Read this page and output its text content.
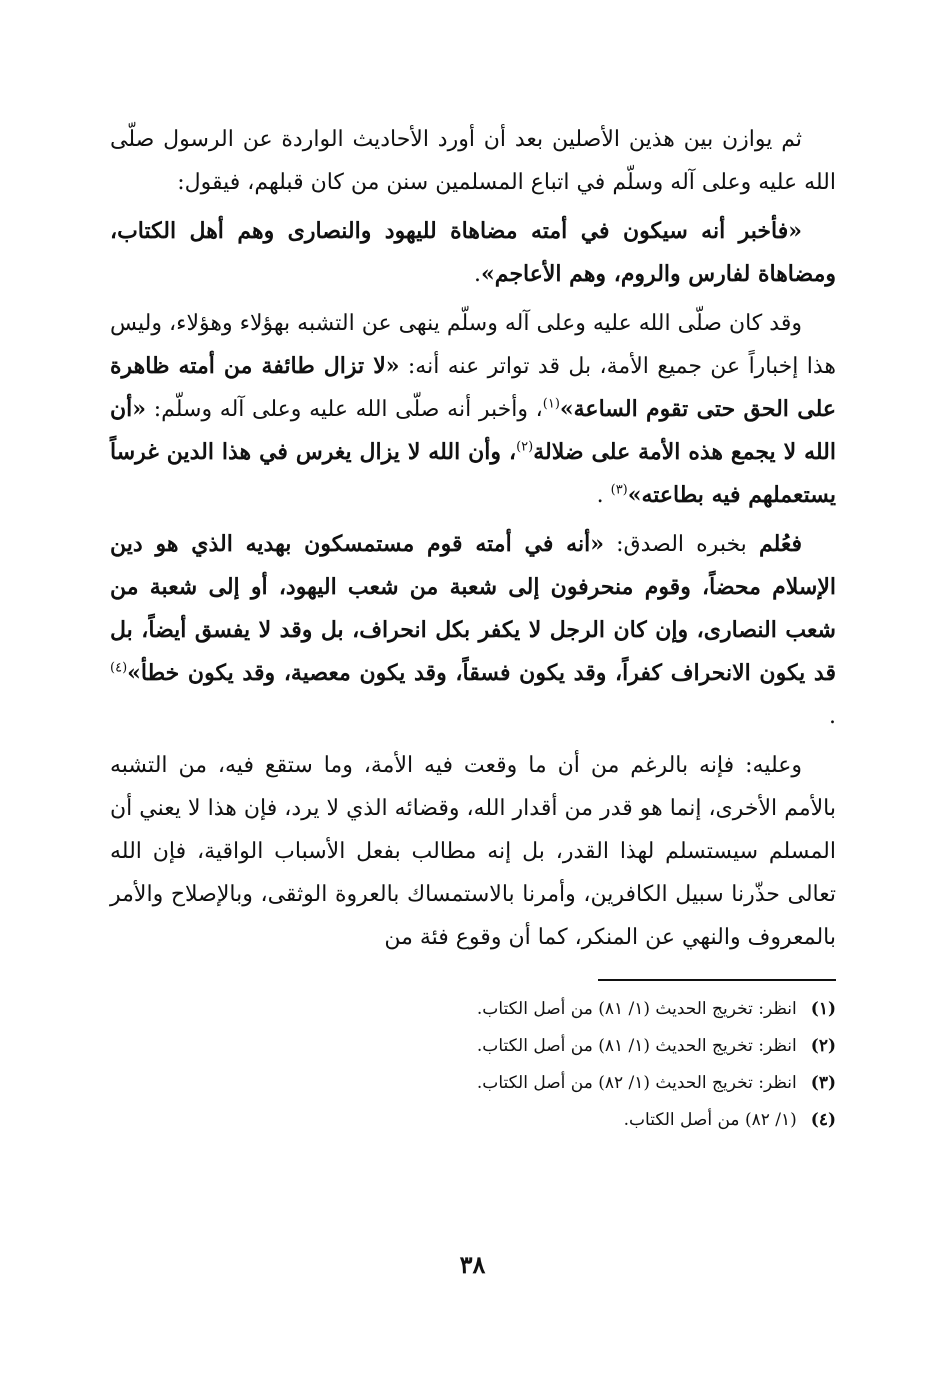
ثم يوازن بين هذين الأصلين بعد أن أورد الأحاديث الواردة عن الرسول صلّى الله عليه وعلى آله وسلّم في اتباع المسلمين سنن من كان قبلهم، فيقول:

«فأخبر أنه سيكون في أمته مضاهاة لليهود والنصارى وهم أهل الكتاب، ومضاهاة لفارس والروم، وهم الأعاجم».

وقد كان صلّى الله عليه وعلى آله وسلّم ينهى عن التشبه بهؤلاء وهؤلاء، وليس هذا إخباراً عن جميع الأمة، بل قد تواتر عنه أنه: «لا تزال طائفة من أمته ظاهرة على الحق حتى تقوم الساعة»$^{(١)}$، وأخبر أنه صلّى الله عليه وعلى آله وسلّم: «أن الله لا يجمع هذه الأمة على ضلالة$^{(٢)}$، وأن الله لا يزال يغرس في هذا الدين غرساً يستعملهم فيه بطاعته»$^{(٣)}$ .

فعُلم بخبره الصدق: «أنه في أمته قوم مستمسكون بهديه الذي هو دين الإسلام محضاً، وقوم منحرفون إلى شعبة من شعب اليهود، أو إلى شعبة من شعب النصارى، وإن كان الرجل لا يكفر بكل انحراف، بل وقد لا يفسق أيضاً، بل قد يكون الانحراف كفراً، وقد يكون فسقاً، وقد يكون معصية، وقد يكون خطأ»$^{(٤)}$ .

وعليه: فإنه بالرغم من أن ما وقعت فيه الأمة، وما ستقع فيه، من التشبه بالأمم الأخرى، إنما هو قدر من أقدار الله، وقضائه الذي لا يرد، فإن هذا لا يعني أن المسلم سيستسلم لهذا القدر، بل إنه مطالب بفعل الأسباب الواقية، فإن الله تعالى حذّرنا سبيل الكافرين، وأمرنا بالاستمساك بالعروة الوثقى، وبالإصلاح والأمر بالمعروف والنهي عن المنكر، كما أن وقوع فئة من

(١)انظر: تخريج الحديث (١/ ٨١) من أصل الكتاب.
(٢)انظر: تخريج الحديث (١/ ٨١) من أصل الكتاب.
(٣)انظر: تخريج الحديث (١/ ٨٢) من أصل الكتاب.
(٤)(١/ ٨٢) من أصل الكتاب.
٣٨
